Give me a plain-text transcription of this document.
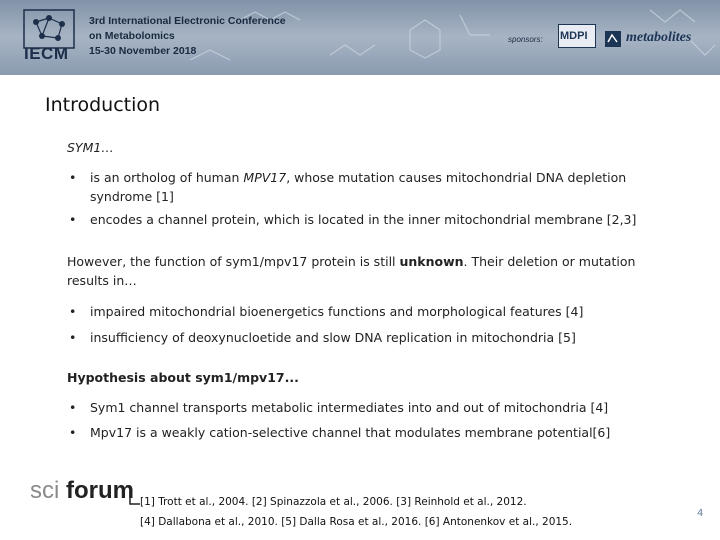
IECM
3rd International Electronic Conference
on Metabolomics
15-30 November 2018
sponsors: MDPI	metabolites
Introduction
SYM1…
• is an ortholog of human MPV17, whose mutation causes mitochondrial DNA depletion
syndrome [1]
• encodes a channel protein, which is located in the inner mitochondrial membrane [2,3]
However, the function of sym1/mpv17 protein is still unknown. Their deletion or mutation
results in…
• impaired mitochondrial bioenergetics functions and morphological features [4]
• insufficiency of deoxynucloetide and slow DNA replication in mitochondria [5]
Hypothesis about sym1/mpv17...
• Sym1 channel transports metabolic intermediates into and out of mitochondria [4]
• Mpv17 is a weakly cation-selective channel that modulates membrane potential[6]
sci forum [1] Trott et al., 2004. [2] Spinazzola et al., 2006. [3] Reinhold et al., 2012.
[4] Dallabona et al., 2010. [5] Dalla Rosa et al., 2016. [6] Antonenkov et al., 2015.
4
